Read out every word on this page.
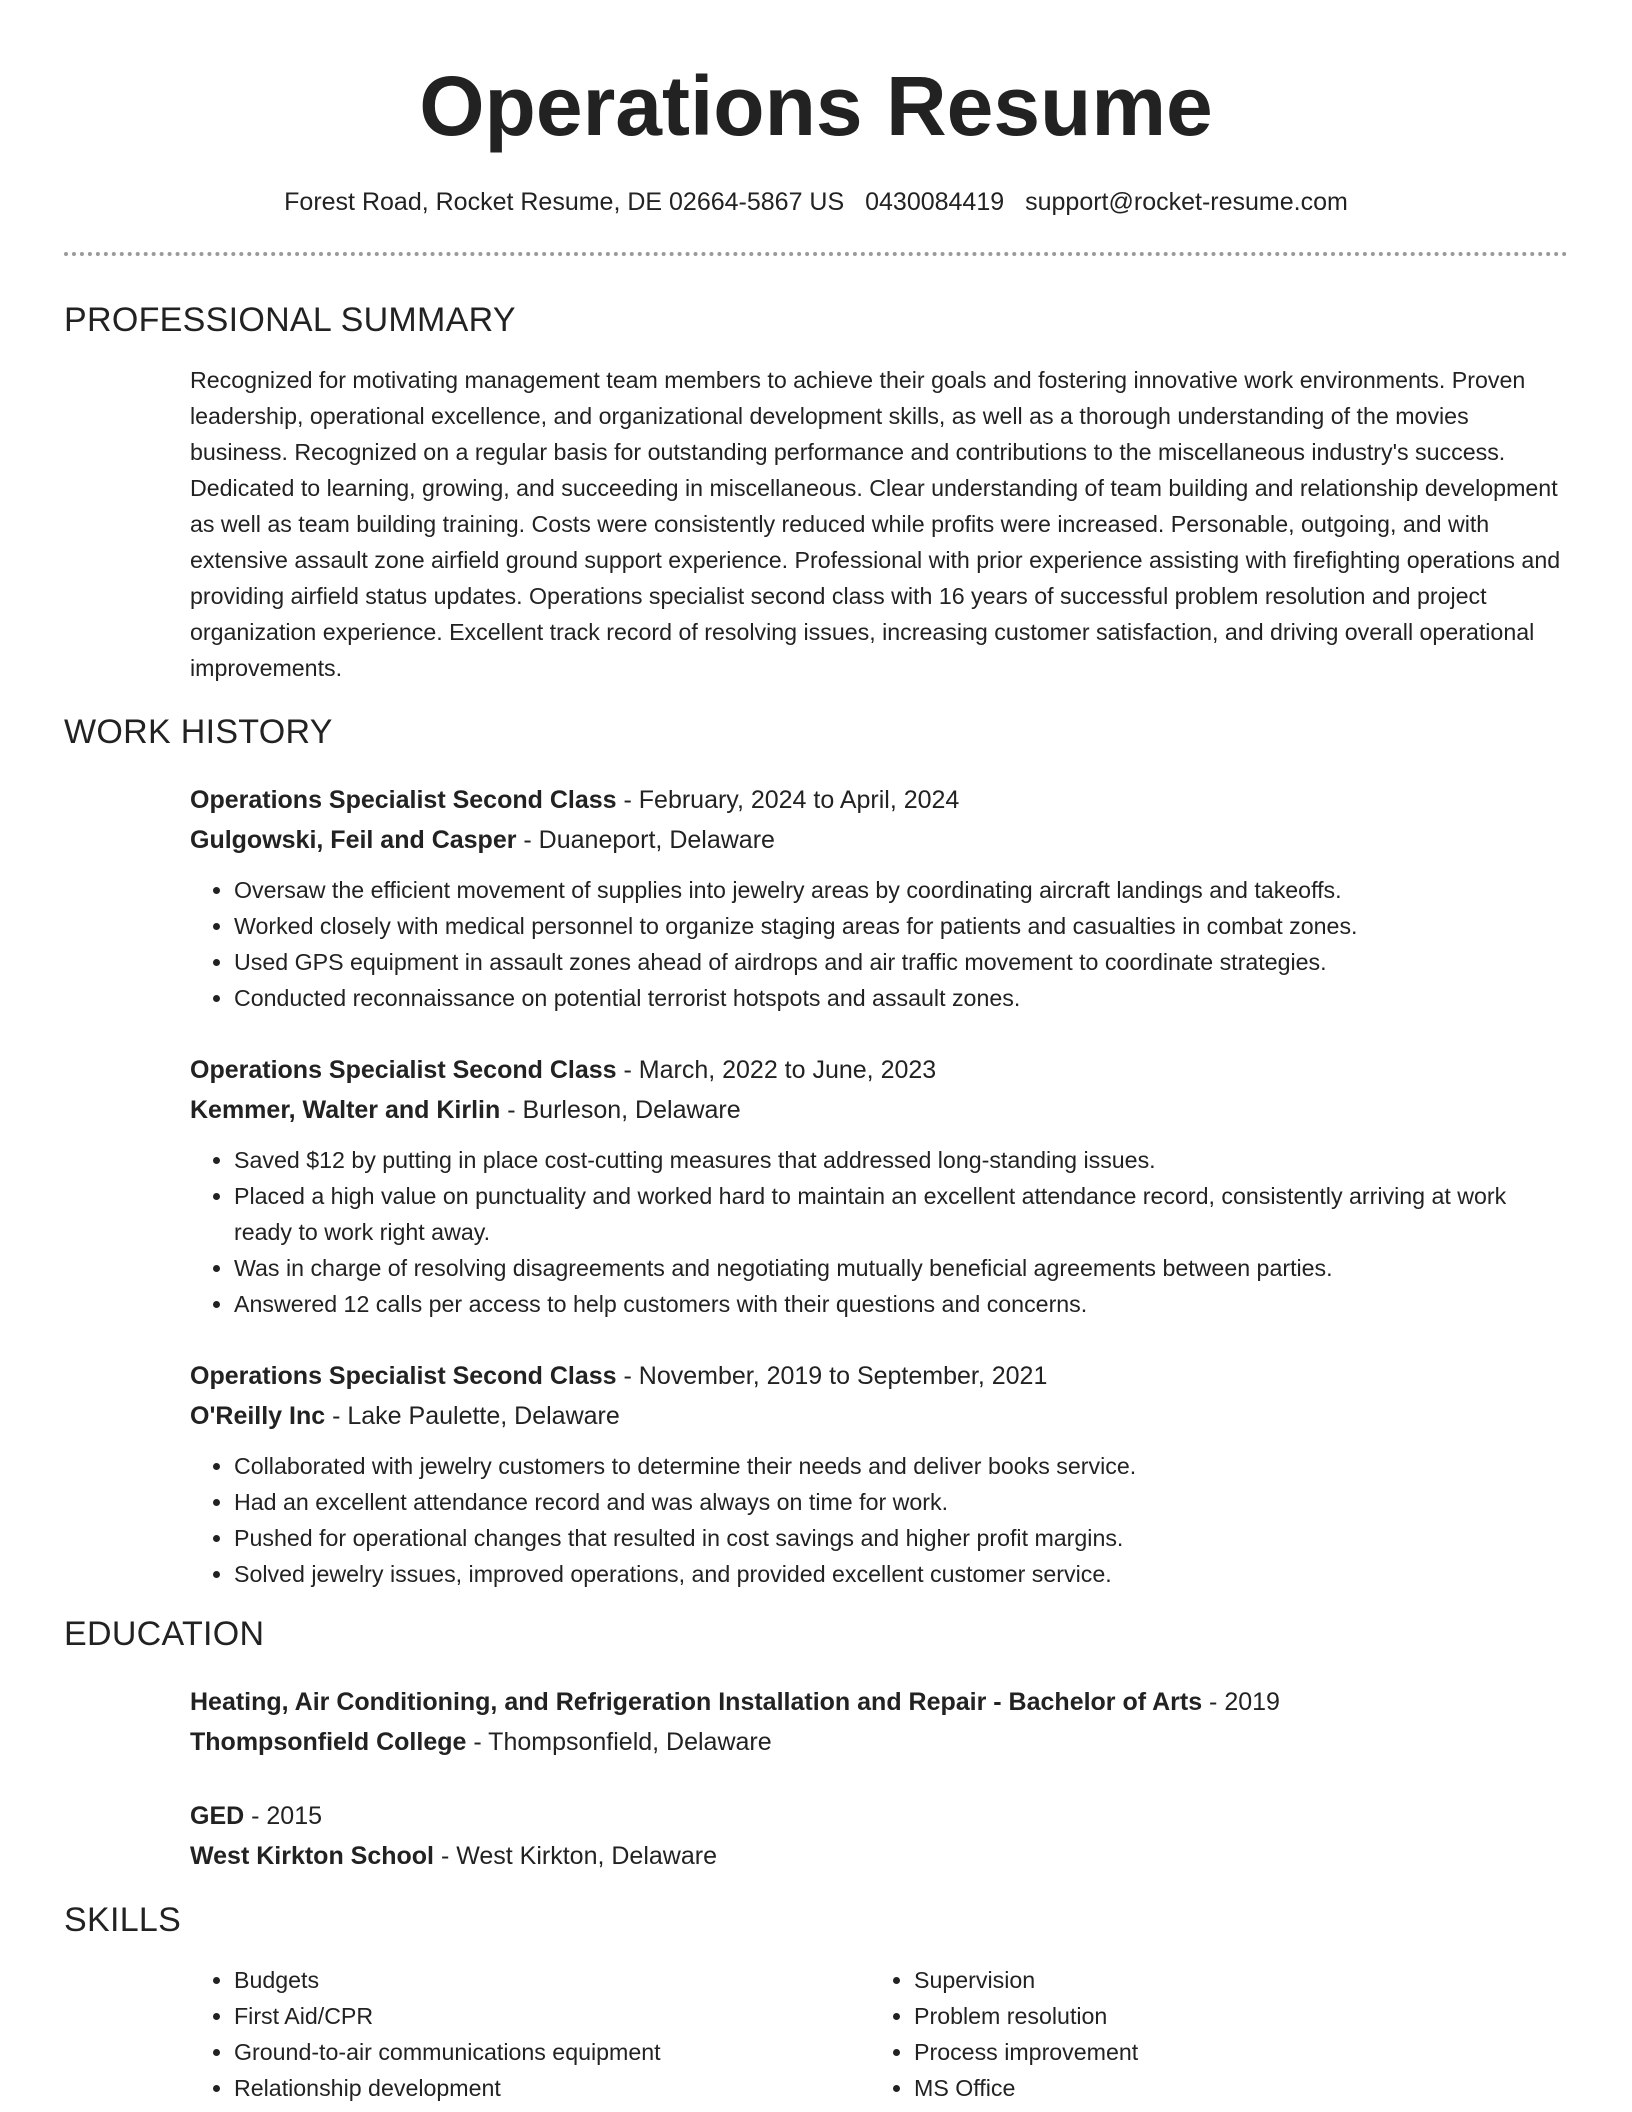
Operations Resume
Forest Road, Rocket Resume, DE 02664-5867 US 0430084419 support@rocket-resume.com
PROFESSIONAL SUMMARY

Recognized for motivating management team members to achieve their goals and fostering innovative work environments. Proven leadership, operational excellence, and organizational development skills, as well as a thorough understanding of the movies business. Recognized on a regular basis for outstanding performance and contributions to the miscellaneous industry's success. Dedicated to learning, growing, and succeeding in miscellaneous. Clear understanding of team building and relationship development as well as team building training. Costs were consistently reduced while profits were increased. Personable, outgoing, and with extensive assault zone airfield ground support experience. Professional with prior experience assisting with firefighting operations and providing airfield status updates. Operations specialist second class with 16 years of successful problem resolution and project organization experience. Excellent track record of resolving issues, increasing customer satisfaction, and driving overall operational improvements.

WORK HISTORY
Operations Specialist Second Class - February, 2024 to April, 2024
Gulgowski, Feil and Casper - Duaneport, Delaware
• Oversaw the efficient movement of supplies into jewelry areas by coordinating aircraft landings and takeoffs.
• Worked closely with medical personnel to organize staging areas for patients and casualties in combat zones.
• Used GPS equipment in assault zones ahead of airdrops and air traffic movement to coordinate strategies.
• Conducted reconnaissance on potential terrorist hotspots and assault zones.
Operations Specialist Second Class - March, 2022 to June, 2023
Kemmer, Walter and Kirlin - Burleson, Delaware
• Saved $12 by putting in place cost-cutting measures that addressed long-standing issues.
• Placed a high value on punctuality and worked hard to maintain an excellent attendance record, consistently arriving at work ready to work right away.
• Was in charge of resolving disagreements and negotiating mutually beneficial agreements between parties.
• Answered 12 calls per access to help customers with their questions and concerns.
Operations Specialist Second Class - November, 2019 to September, 2021
O'Reilly Inc - Lake Paulette, Delaware
• Collaborated with jewelry customers to determine their needs and deliver books service.
• Had an excellent attendance record and was always on time for work.
• Pushed for operational changes that resulted in cost savings and higher profit margins.
• Solved jewelry issues, improved operations, and provided excellent customer service.
EDUCATION
Heating, Air Conditioning, and Refrigeration Installation and Repair - Bachelor of Arts - 2019
Thompsonfield College - Thompsonfield, Delaware
GED - 2015
West Kirkton School - West Kirkton, Delaware
SKILLS
• Budgets
• First Aid/CPR
• Ground-to-air communications equipment
• Relationship development
• Supervision
• Problem resolution
• Process improvement
• MS Office
